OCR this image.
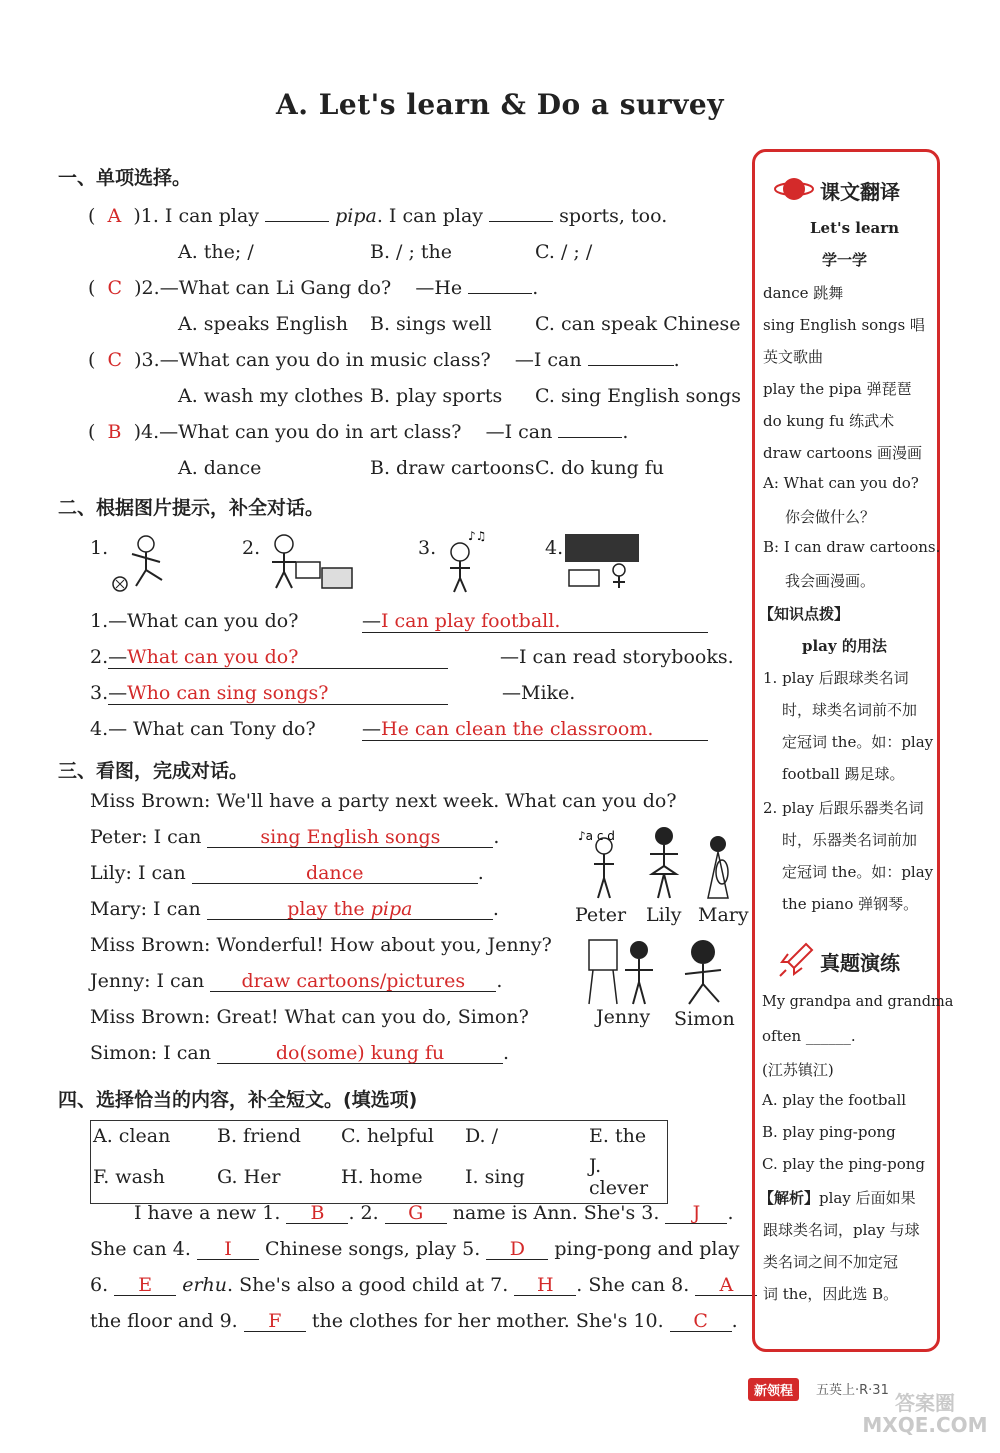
A. Let's learn & Do a survey
一、单项选择。
(  A )1. I can play	pipa. I can play	sports, too.
A. the; /	B. / ; the	C. / ; /
(  C )2.—What can Li Gang do? —He	.
A. speaks English B. sings well C. can speak Chinese
(  C )3.—What can you do in music class? —I can	.
A. wash my clothes B. play sports C. sing English songs
(  B )4.—What can you do in art class? —I can	.
A. dance	B. draw cartoons C. do kung fu
二、根据图片提示，补全对话。
1.	2.	3.
♪♫
4.
1.—What can you do?	—I can play football.
2.—What can you do?	—I can read storybooks.
3.—Who can sing songs?	—Mike.
4.— What can Tony do? —He can clean the classroom.
三、看图，完成对话。
Miss Brown: We'll have a party next week. What can you do?
Peter: I can	sing English songs	.
Lily: I can	dance	.
Mary: I can	play the pipa	.
Miss Brown: Wonderful! How about you, Jenny?
Jenny: I can draw cartoons/pictures .
Miss Brown: Great! What can you do, Simon?
Simon: I can	do(some) kung fu	.
♪a c d
Peter Lily Mary
Jenny Simon
四、选择恰当的内容，补全短文。(填选项)
A. clean	B. friend	C. helpful	D. /	E. the
F. wash	G. Her	H. home	I. sing	J. clever
I have a new 1. B . 2. G name is Ann. She's 3. J .
She can 4. I Chinese songs, play 5. D ping-pong and play
6. E erhu. She's also a good child at 7. H . She can 8. A
the floor and 9. F the clothes for her mother. She's 10. C .
课文翻译
Let's learn
学一学
dance 跳舞
sing English songs 唱
英文歌曲
play the pipa 弹琵琶
do kung fu 练武术
draw cartoons 画漫画
A: What can you do?
你会做什么？
B: I can draw cartoons.
我会画漫画。
【知识点拨】
play 的用法
1. play 后跟球类名词
时，球类名词前不加
定冠词 the。如：play
football 踢足球。
2. play 后跟乐器类名词
时，乐器类名词前加
定冠词 the。如：play
the piano 弹钢琴。
真题演练
My grandpa and grandma
often ______.
(江苏镇江)
A. play the football
B. play ping-pong
C. play the ping-pong
【解析】play 后面如果
跟球类名词，play 与球
类名词之间不加定冠
词 the，因此选 B。
新领程	五英上·R·31
答案圈 MXQE.COM
